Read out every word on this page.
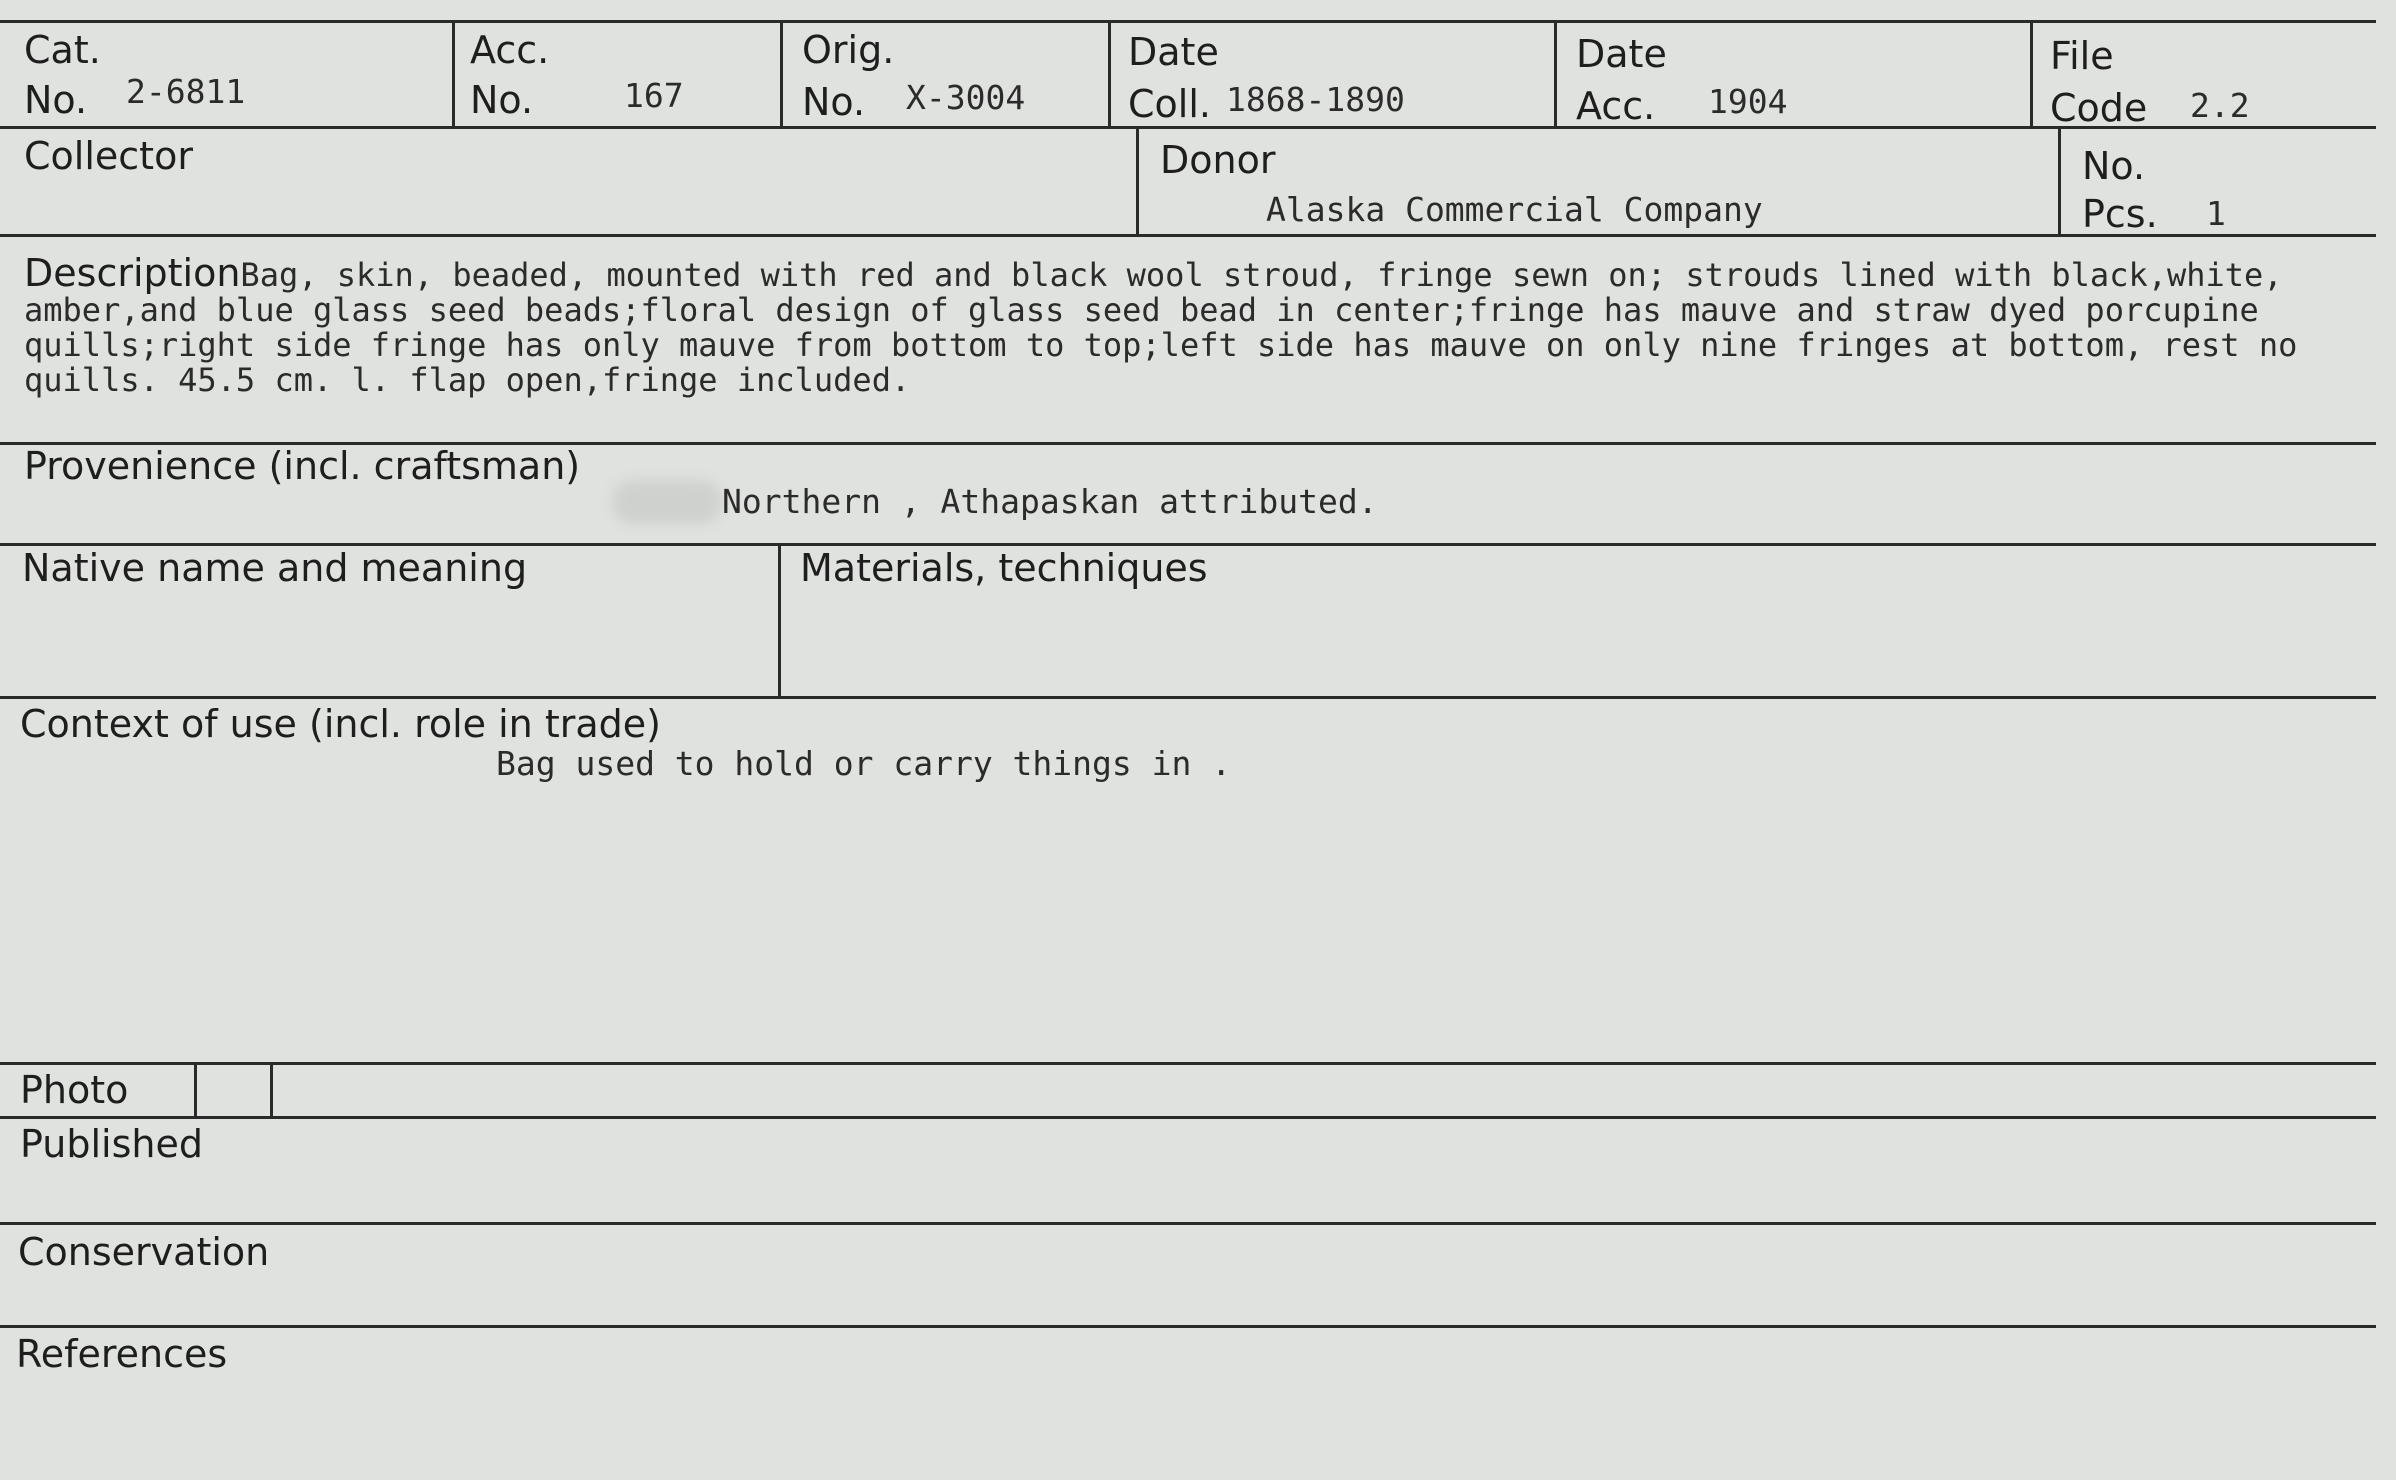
Cat.
No. 2-6811
Acc.
No.	167
Orig.
No. X-3004
Date
Coll. 1868-1890
Date
Acc. 1904
File
Code 2.2
Collector	Donor
Alaska Commercial Company
No.
Pcs. 1
DescriptionBag, skin, beaded, mounted with red and black wool stroud, fringe sewn on; strouds lined with black,white, amber,and blue glass seed beads;floral design of glass seed bead in center;fringe has mauve and straw dyed porcupine quills;right side fringe has only mauve from bottom to top;left side has mauve on only nine fringes at bottom, rest no quills. 45.5 cm. l. flap open,fringe included.
Provenience (incl. craftsman)
Northern , Athapaskan attributed.
Native name and meaning	Materials, techniques
Context of use (incl. role in trade)
Bag used to hold or carry things in .
Photo
Published
Conservation
References
